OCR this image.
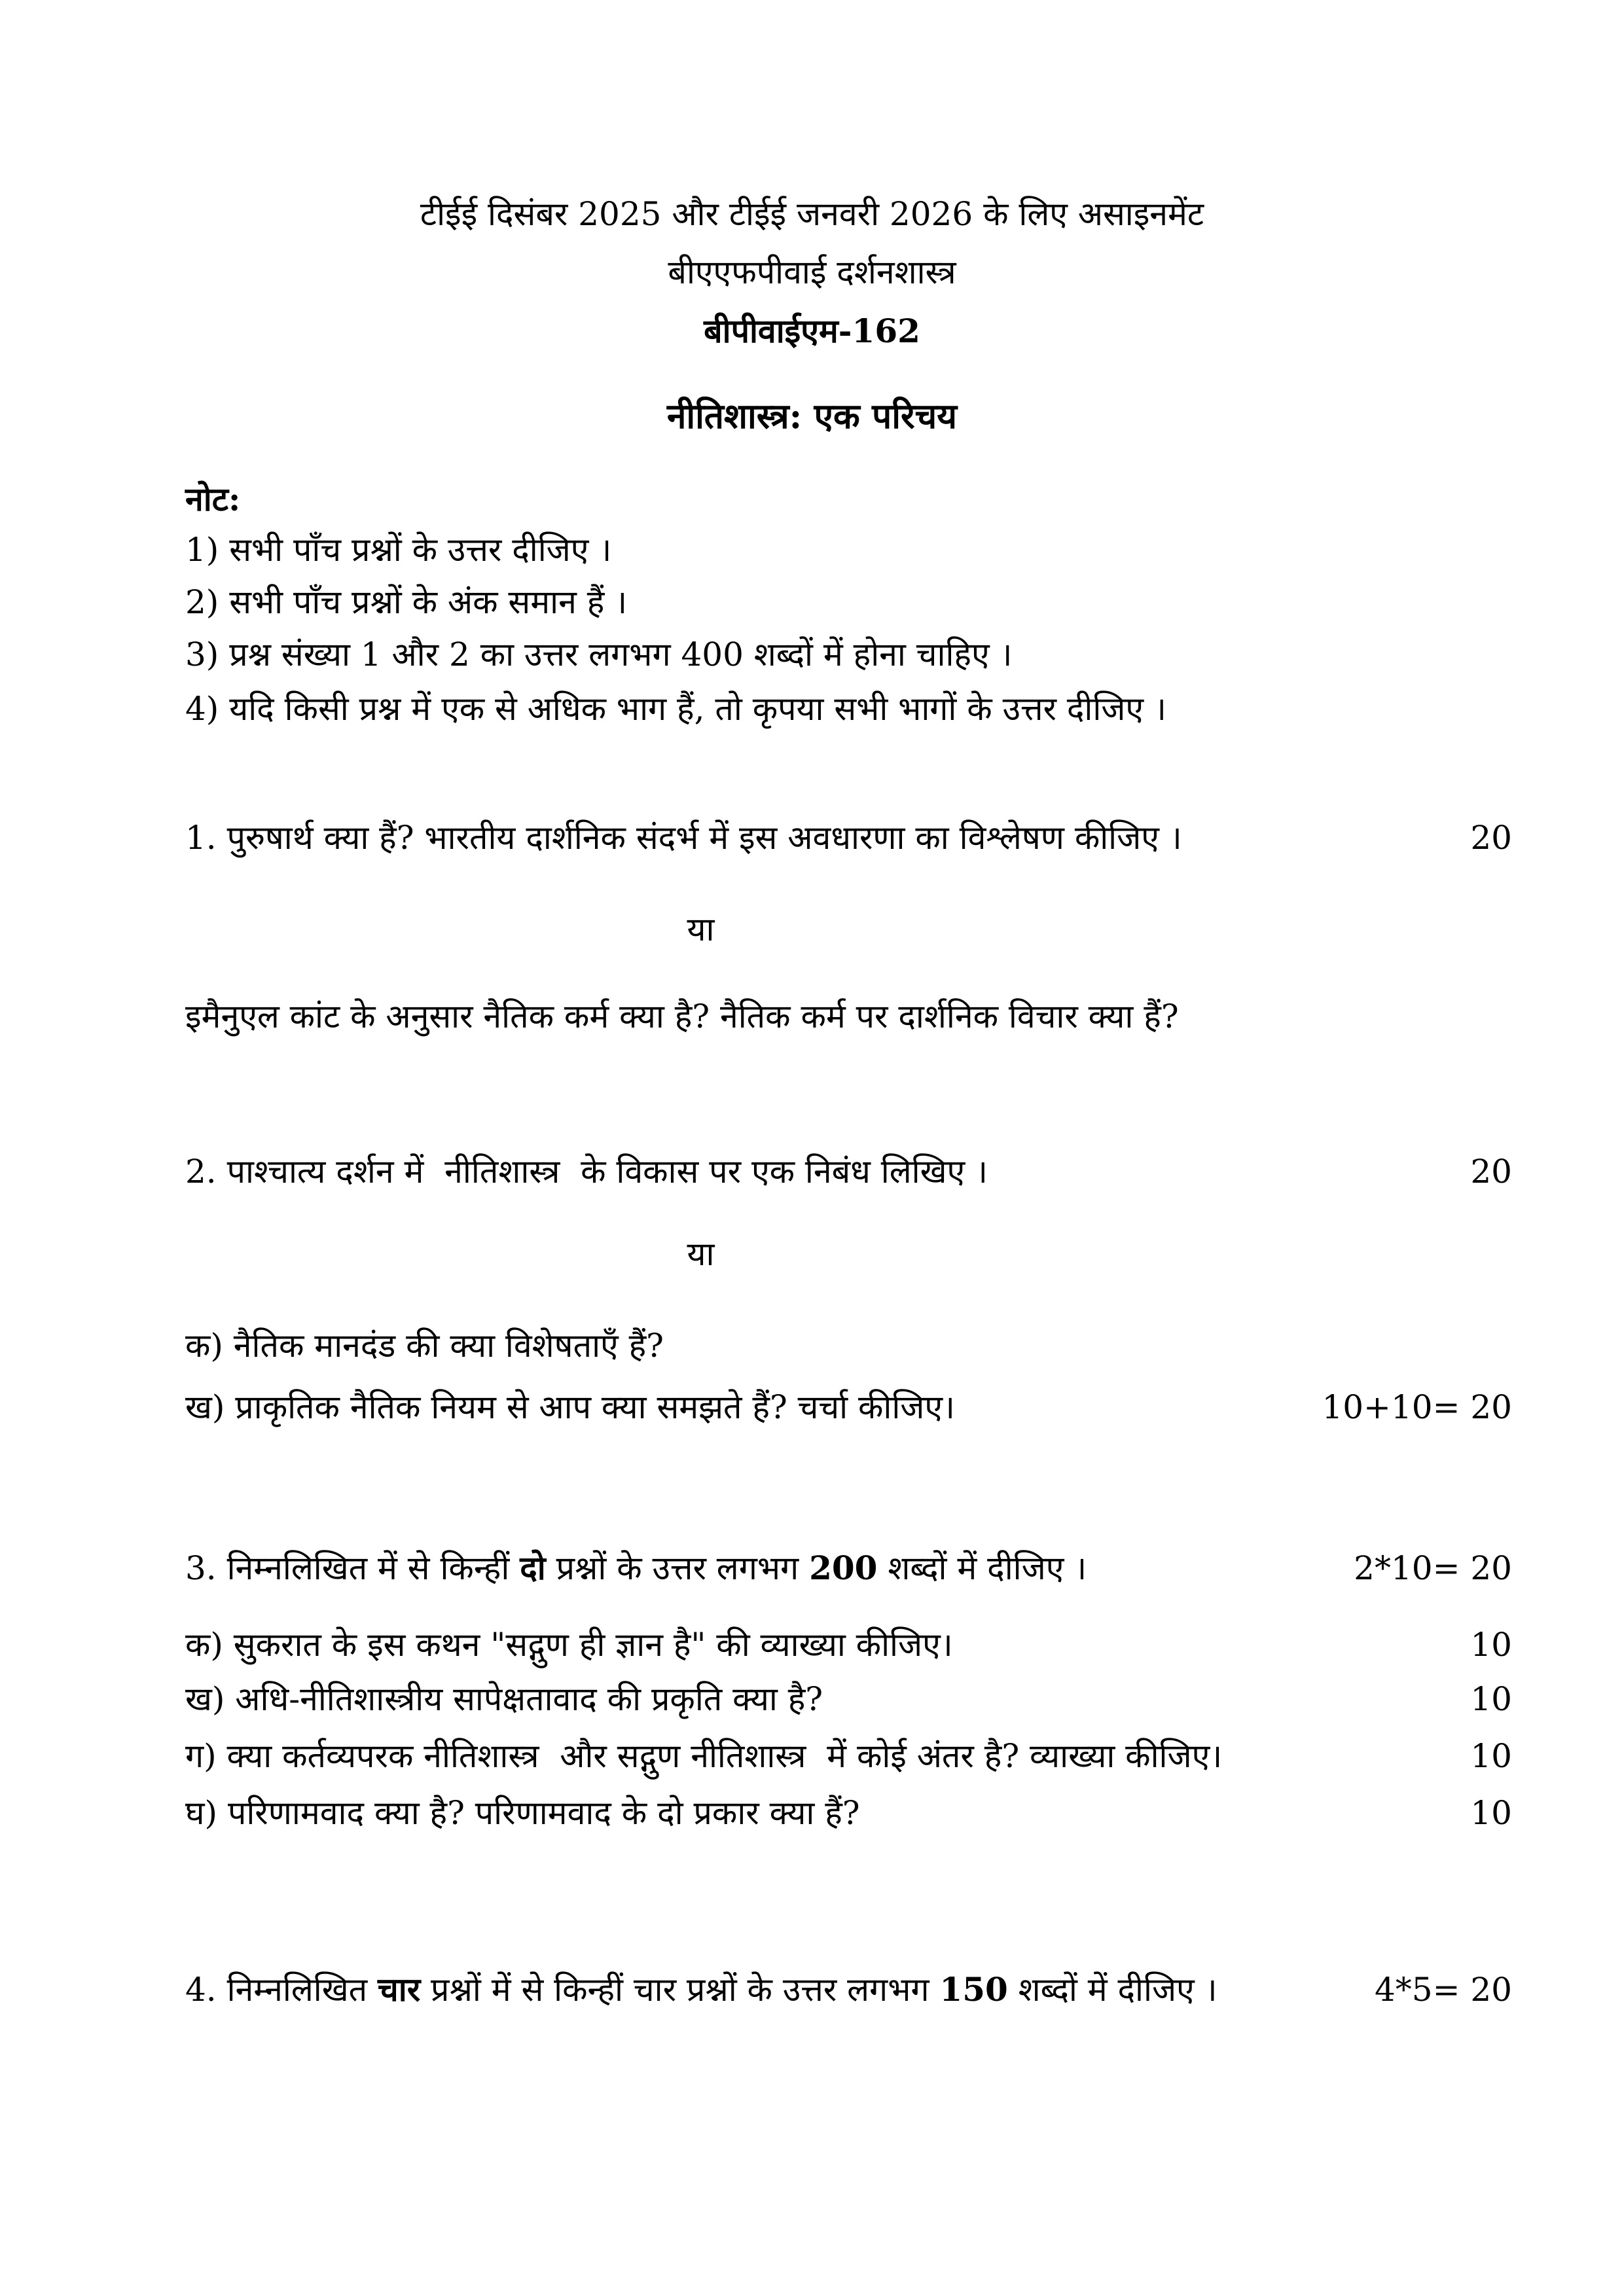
टीईई दिसंबर 2025 और टीईई जनवरी 2026 के लिए असाइनमेंट

बीएएफपीवाई दर्शनशास्त्र

बीपीवाईएम-162

नीतिशास्त्र: एक परिचय

नोट:

1) सभी पाँच प्रश्नों के उत्तर दीजिए ।

2) सभी पाँच प्रश्नों के अंक समान हैं ।

3) प्रश्न संख्या 1 और 2 का उत्तर लगभग 400 शब्दों में होना चाहिए ।

4) यदि किसी प्रश्न में एक से अधिक भाग हैं, तो कृपया सभी भागों के उत्तर दीजिए ।

1. पुरुषार्थ क्या हैं? भारतीय दार्शनिक संदर्भ में इस अवधारणा का विश्लेषण कीजिए ।	20

या

इमैनुएल कांट के अनुसार नैतिक कर्म क्या है? नैतिक कर्म पर दार्शनिक विचार क्या हैं?

2. पाश्चात्य दर्शन में  नीतिशास्त्र  के विकास पर एक निबंध लिखिए ।	20

या

क) नैतिक मानदंड की क्या विशेषताएँ हैं?

ख) प्राकृतिक नैतिक नियम से आप क्या समझते हैं? चर्चा कीजिए।	10+10= 20

3. निम्नलिखित में से किन्हीं दो प्रश्नों के उत्तर लगभग 200 शब्दों में दीजिए ।	2*10= 20

क) सुकरात के इस कथन "सद्गुण ही ज्ञान है" की व्याख्या कीजिए।	10

ख) अधि-नीतिशास्त्रीय सापेक्षतावाद की प्रकृति क्या है?	10

ग) क्या कर्तव्यपरक नीतिशास्त्र  और सद्गुण नीतिशास्त्र  में कोई अंतर है? व्याख्या कीजिए।	10

घ) परिणामवाद क्या है? परिणामवाद के दो प्रकार क्या हैं?	10

4. निम्नलिखित चार प्रश्नों में से किन्हीं चार प्रश्नों के उत्तर लगभग 150 शब्दों में दीजिए ।	4*5= 20
